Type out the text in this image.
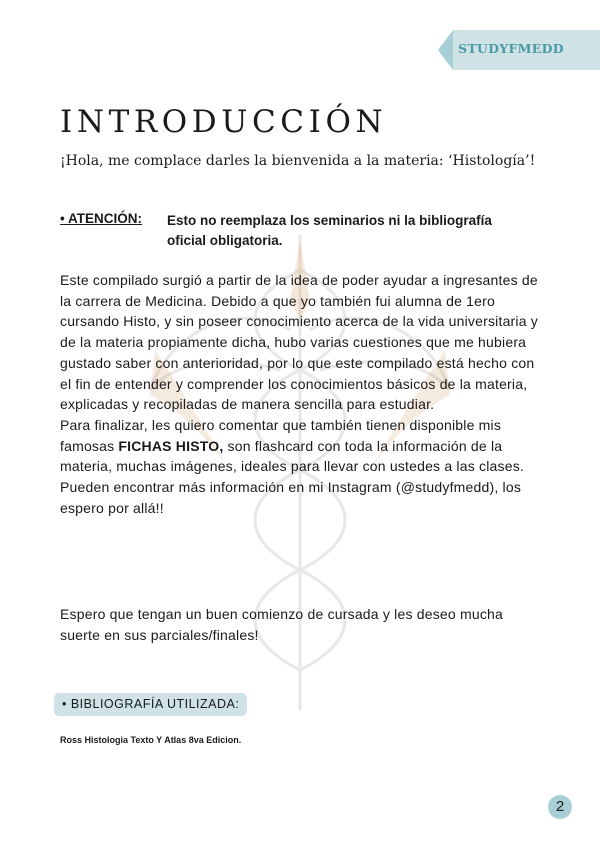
STUDYFMEDD
INTRODUCCIÓN

¡Hola, me complace darles la bienvenida a la materia: ‘Histología’!

• ATENCIÓN: Esto no reemplaza los seminarios ni la bibliografía oficial obligatoria.

Este compilado surgió a partir de la idea de poder ayudar a ingresantes de la carrera de Medicina. Debido a que yo también fui alumna de 1ero cursando Histo, y sin poseer conocimiento acerca de la vida universitaria y de la materia propiamente dicha, hubo varias cuestiones que me hubiera gustado saber con anterioridad, por lo que este compilado está hecho con el fin de entender y comprender los conocimientos básicos de la materia, explicadas y recopiladas de manera sencilla para estudiar.
Para finalizar, les quiero comentar que también tienen disponible mis famosas FICHAS HISTO, son flashcard con toda la información de la materia, muchas imágenes, ideales para llevar con ustedes a las clases. Pueden encontrar más información en mi Instagram (@studyfmedd), los espero por allá!!

Espero que tengan un buen comienzo de cursada y les deseo mucha suerte en sus parciales/finales!

• BIBLIOGRAFÍA UTILIZADA:
Ross Histologia Texto Y Atlas 8va Edicion.
2
